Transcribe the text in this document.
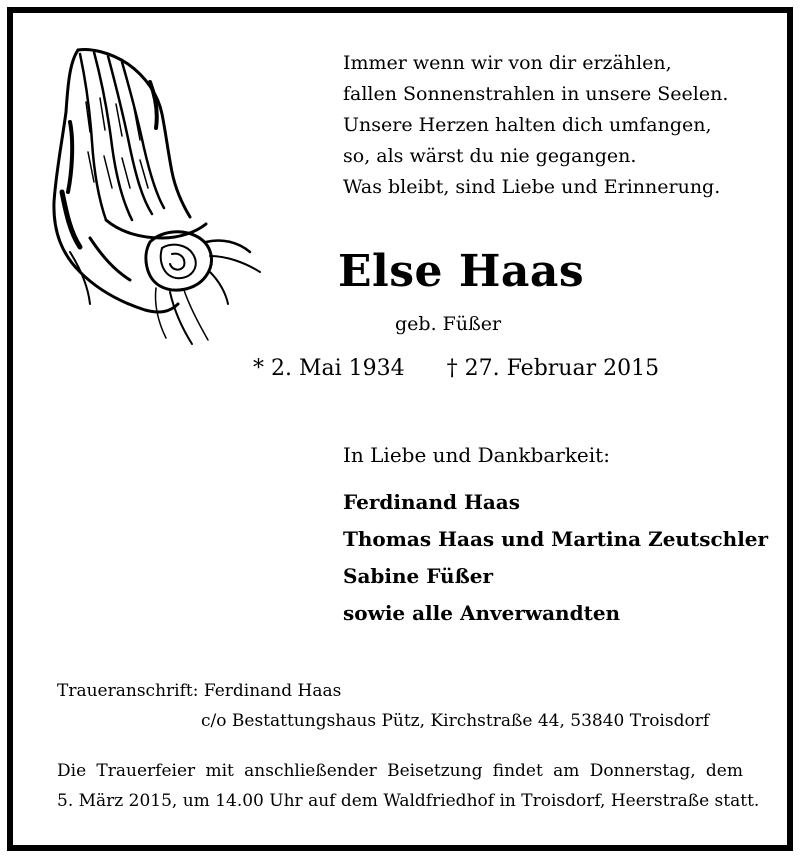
Immer wenn wir von dir erzählen,
fallen Sonnenstrahlen in unsere Seelen.
Unsere Herzen halten dich umfangen,
so, als wärst du nie gegangen.
Was bleibt, sind Liebe und Erinnerung.
Else Haas
geb. Füßer
* 2. Mai 1934 † 27. Februar 2015
In Liebe und Dankbarkeit:
Ferdinand Haas
Thomas Haas und Martina Zeutschler
Sabine Füßer
sowie alle Anverwandten
Traueranschrift: Ferdinand Haas
c/o Bestattungshaus Pütz, Kirchstraße 44, 53840 Troisdorf
Die Trauerfeier mit anschließender Beisetzung findet am Donnerstag, dem
5. März 2015, um 14.00 Uhr auf dem Waldfriedhof in Troisdorf, Heerstraße statt.
